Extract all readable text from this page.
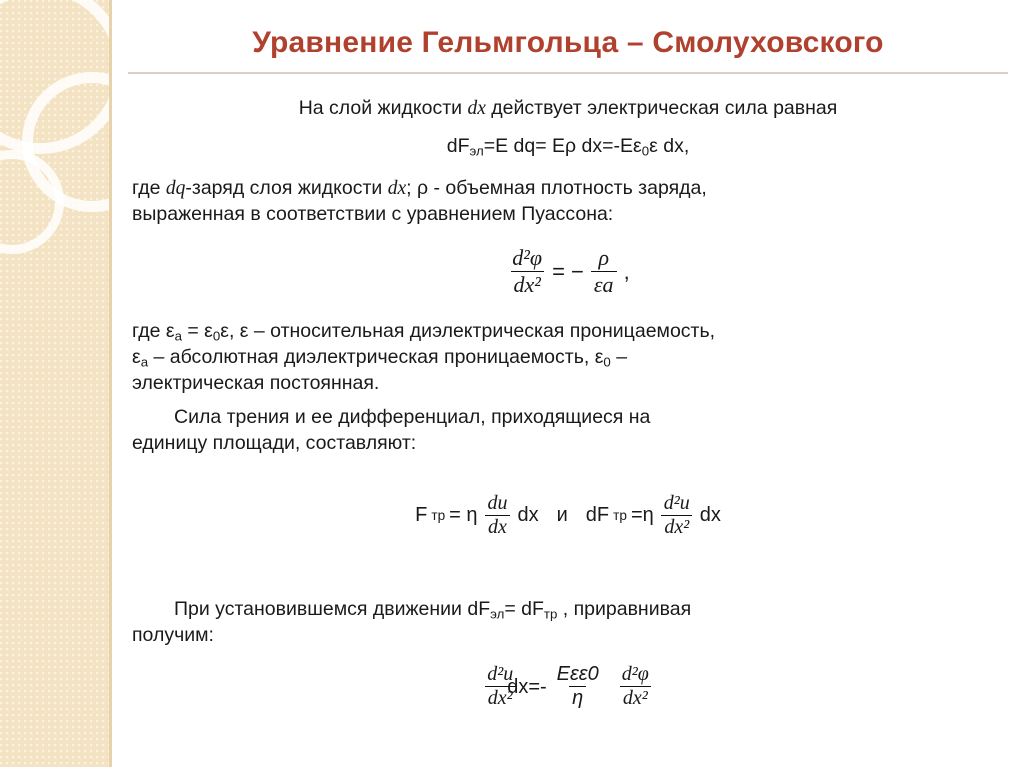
Уравнение Гельмгольца – Смолуховского

На слой жидкости dx действует электрическая сила равная

$dF_{эл}=E$ dq= Eρ $dx=-E\varepsilon_0\varepsilon$ dx,

где dq-заряд слоя жидкости dx; ρ - объемная плотность заряда,

выраженная в соответствии с уравнением Пуассона:

$\frac{\text{d²φ}}{\text{dx²}}$ = − $\frac{\rho}{\varepsilon a}$ ,

где $\varepsilon_а = \varepsilon_0\varepsilon$, ε – относительная диэлектрическая проницаемость,

$\varepsilon_а$ – абсолютная диэлектрическая проницаемость, $\varepsilon_0$ –

электрическая постоянная.

Сила трения и ее дифференциал, приходящиеся на

единицу площади, составляют:

F тр = η $\frac{du}{dx}$ dx и dF тр $=\eta \frac{\text{d²u}}{\text{dx²}}$ dx

При установившемся движении $dF_{эл}= dF_{тр}$ , приравнивая

получим:

$\frac{\text{d²u}}{\text{dx²}}$
$dx=- \frac{\text{Eεε0}}{\eta} \frac{\text{d²φ}}{\text{dx²}}$
